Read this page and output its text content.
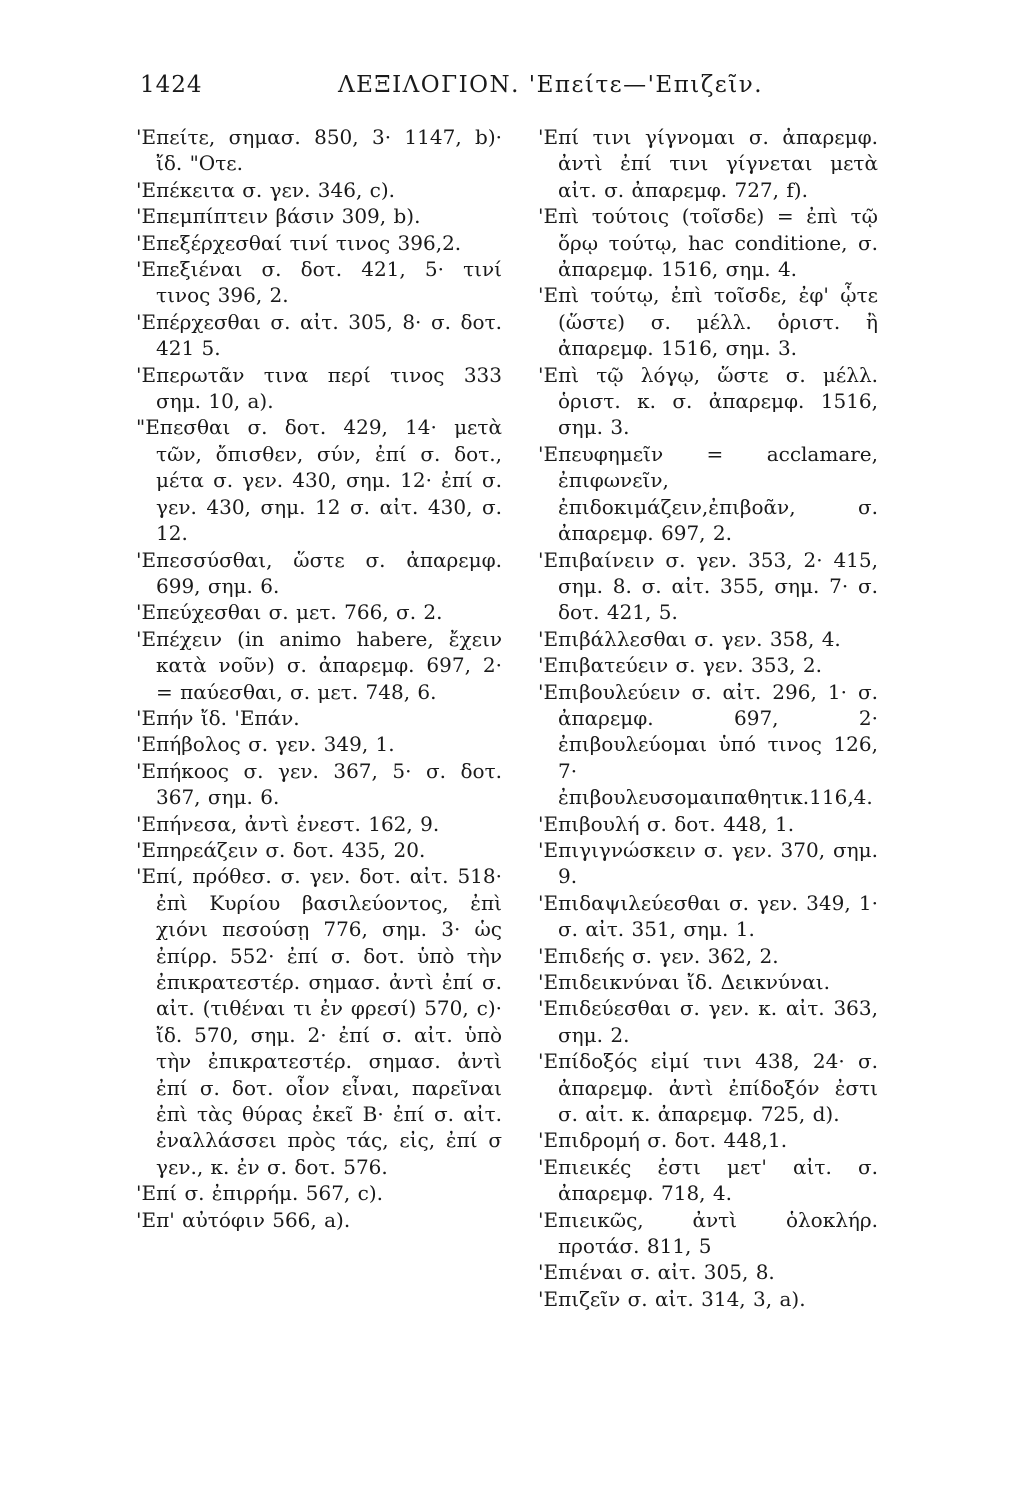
1424	ΛΕΞΙΛΟΓΙΟΝ. 'Επείτε—'Επιζεῖν.
'Επείτε, σημασ. 850, 3· 1147, b)· ἴδ. "Οτε.
'Επέκειτα σ. γεν. 346, c).
'Επεμπίπτειν βάσιν 309, b).
'Επεξέρχεσθαί τινί τινος 396,2.
'Επεξιέναι σ. δοτ. 421, 5· τινί τινος 396, 2.
'Επέρχεσθαι σ. αἰτ. 305, 8· σ. δοτ. 421 5.
'Επερωτᾶν τινα περί τινος 333 σημ. 10, a).
"Επεσθαι σ. δοτ. 429, 14· μετὰ τῶν, ὄπισθεν, σύν, ἐπί σ. δοτ., μέτα σ. γεν. 430, σημ. 12· ἐπί σ. γεν. 430, σημ. 12 σ. αἰτ. 430, σ. 12.
'Επεσσύσθαι, ὥστε σ. ἀπαρεμφ. 699, σημ. 6.
'Επεύχεσθαι σ. μετ. 766, σ. 2.
'Επέχειν (in animo habere, ἔχειν κατὰ νοῦν) σ. ἀπαρεμφ. 697, 2· = παύεσθαι, σ. μετ. 748, 6.
'Επήν ἴδ. 'Επάν.
'Επήβολος σ. γεν. 349, 1.
'Επήκοος σ. γεν. 367, 5· σ. δοτ. 367, σημ. 6.
'Επήνεσα, ἀντὶ ἐνεστ. 162, 9.
'Επηρεάζειν σ. δοτ. 435, 20.
'Επί, πρόθεσ. σ. γεν. δοτ. αἰτ. 518· ἐπὶ Κυρίου βασιλεύοντος, ἐπὶ χιόνι πεσούσῃ 776, σημ. 3· ὡς ἐπίρρ. 552· ἐπί σ. δοτ. ὑπὸ τὴν ἐπικρατεστέρ. σημασ. ἀντὶ ἐπί σ. αἰτ. (τιθέναι τι ἐν φρεσί) 570, c)· ἴδ. 570, σημ. 2· ἐπί σ. αἰτ. ὑπὸ τὴν ἐπικρατεστέρ. σημασ. ἀντὶ ἐπί σ. δοτ. οἷον εἶναι, παρεῖναι ἐπὶ τὰς θύρας ἐκεῖ B· ἐπί σ. αἰτ. ἐναλλάσσει πρὸς τάς, εἰς, ἐπί σ γεν., κ. ἐν σ. δοτ. 576.
'Επί σ. ἐπιρρήμ. 567, c).
'Επ' αὐτόφιν 566, a).
'Επί τινι γίγνομαι σ. ἀπαρεμφ. ἀντὶ ἐπί τινι γίγνεται μετὰ αἰτ. σ. ἀπαρεμφ. 727, f).
'Επὶ τούτοις (τοῖσδε) = ἐπὶ τῷ ὅρῳ τούτῳ, hac conditione, σ. ἀπαρεμφ. 1516, σημ. 4.
'Επὶ τούτῳ, ἐπὶ τοῖσδε, ἐφ' ᾧτε (ὥστε) σ. μέλλ. ὁριστ. ἢ ἀπαρεμφ. 1516, σημ. 3.
'Επὶ τῷ λόγῳ, ὥστε σ. μέλλ. ὁριστ. κ. σ. ἀπαρεμφ. 1516, σημ. 3.
'Επευφημεῖν = acclamare, ἐπιφωνεῖν, ἐπιδοκιμάζειν,ἐπιβοᾶν, σ. ἀπαρεμφ. 697, 2.
'Επιβαίνειν σ. γεν. 353, 2· 415, σημ. 8. σ. αἰτ. 355, σημ. 7· σ. δοτ. 421, 5.
'Επιβάλλεσθαι σ. γεν. 358, 4.
'Επιβατεύειν σ. γεν. 353, 2.
'Επιβουλεύειν σ. αἰτ. 296, 1· σ. ἀπαρεμφ. 697, 2· ἐπιβουλεύομαι ὑπό τινος 126, 7· ἐπιβουλευσομαιπαθητικ.116,4.
'Επιβουλή σ. δοτ. 448, 1.
'Επιγιγνώσκειν σ. γεν. 370, σημ. 9.
'Επιδαψιλεύεσθαι σ. γεν. 349, 1· σ. αἰτ. 351, σημ. 1.
'Επιδεής σ. γεν. 362, 2.
'Επιδεικνύναι ἴδ. Δεικνύναι.
'Επιδεύεσθαι σ. γεν. κ. αἰτ. 363, σημ. 2.
'Επίδοξός εἰμί τινι 438, 24· σ. ἀπαρεμφ. ἀντὶ ἐπίδοξόν ἐστι σ. αἰτ. κ. ἀπαρεμφ. 725, d).
'Επιδρομή σ. δοτ. 448,1.
'Επιεικές ἐστι μετ' αἰτ. σ. ἀπαρεμφ. 718, 4.
'Επιεικῶς, ἀντὶ ὁλοκλήρ. προτάσ. 811, 5
'Επιέναι σ. αἰτ. 305, 8.
'Επιζεῖν σ. αἰτ. 314, 3, a).
